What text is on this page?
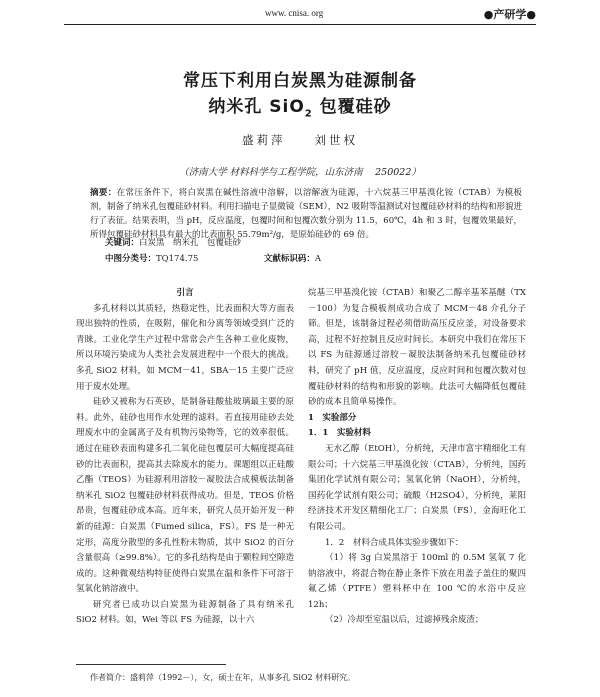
www. cnisa. org	●产研学●
常压下利用白炭黑为硅源制备
纳米孔 SiO$_2$ 包覆硅砂
盛莉萍　　刘世权
（济南大学 材料科学与工程学院，山东济南　 250022）
摘要：在常压条件下，将白炭黑在碱性溶液中溶解，以溶解液为硅源，十六烷基三甲基溴化铵（CTAB）为模板剂，制备了纳米孔包覆硅砂材料。利用扫描电子显微镜（SEM），N2 吸附等温测试对包覆硅砂材料的结构和形貌进行了表征。结果表明，当 pH，反应温度，包覆时间和包覆次数分别为 11.5，60℃，4h 和 3 时，包覆效果最好，所得包覆硅砂材料具有最大的比表面积 55.79m²/g，是原始硅砂的 69 倍。
关键词：白炭黑　纳米孔　包覆硅砂
中图分类号：TQ174.75	文献标识码：A

引言

多孔材料以其质轻，热稳定性，比表面积大等方面表现出独特的性质，在吸附，催化和分离等领域受到广泛的青睐。工业化学生产过程中常常会产生各种工业化废物，所以环境污染成为人类社会发展进程中一个很大的挑战。多孔 SiO2 材料，如 MCM－41，SBA－15 主要广泛应用于废水处理。

硅砂又被称为石英砂，是制备硅酸盐玻璃最主要的原料。此外，硅砂也用作水处理的滤料。若直接用硅砂去处理废水中的金属离子及有机物污染物等，它的效率很低。通过在硅砂表面构建多孔二氧化硅包覆层可大幅度提高硅砂的比表面积，提高其去除废水的能力。课题组以正硅酸乙酯（TEOS）为硅源利用溶胶－凝胶法合成模板法制备纳米孔 SiO2 包覆硅砂材料获得成功。但是，TEOS 价格昂贵，包覆硅砂成本高。近年来，研究人员开始开发一种新的硅源：白炭黑（Fumed silica，FS）。FS 是一种无定形，高度分散型的多孔性粉末物质，其中 SiO2 的百分含量很高（≥99.8%）。它的多孔结构是由于颗粒间空隙造成的。这种微观结构特征使得白炭黑在温和条件下可溶于氢氧化钠溶液中。

研究者已成功以白炭黑为硅源制备了具有纳米孔 SiO2 材料。如，Wei 等以 FS 为硅源，以十六

烷基三甲基溴化铵（CTAB）和聚乙二醇辛基苯基醚（TX－100）为复合模板剂成功合成了 MCM－48 介孔分子筛。但是，该制备过程必须借助高压反应釜，对设备要求高，过程不好控制且反应时间长。本研究中我们在常压下以 FS 为硅源通过溶胶－凝胶法制备纳米孔包覆硅砂材料，研究了 pH 值，反应温度，反应时间和包覆次数对包覆硅砂材料的结构和形貌的影响。此法可大幅降低包覆硅砂的成本且简单易操作。

1　实验部分

1．1　实验材料

无水乙醇（EtOH），分析纯，天津市富宇精细化工有限公司；十六烷基三甲基溴化铵（CTAB），分析纯，国药集团化学试剂有限公司；氢氧化钠（NaOH），分析纯，国药化学试剂有限公司；硫酸（H2SO4），分析纯，莱阳经济技术开发区精细化工厂；白炭黑（FS），金海旺化工有限公司。

1．2　材料合成具体实验步骤如下：

（1）将 3g 白炭黑溶于 100ml 的 0.5M 氢氧 7 化钠溶液中，将混合物在静止条件下放在用盖子盖住的聚四氟乙烯（PTFE）塑料杯中在 100 ℃的水浴中反应 12h；

（2）冷却至室温以后，过滤掉残余废渣；

作者简介：盛莉萍（1992－），女，硕士在年，从事多孔 SiO2 材料研究。
